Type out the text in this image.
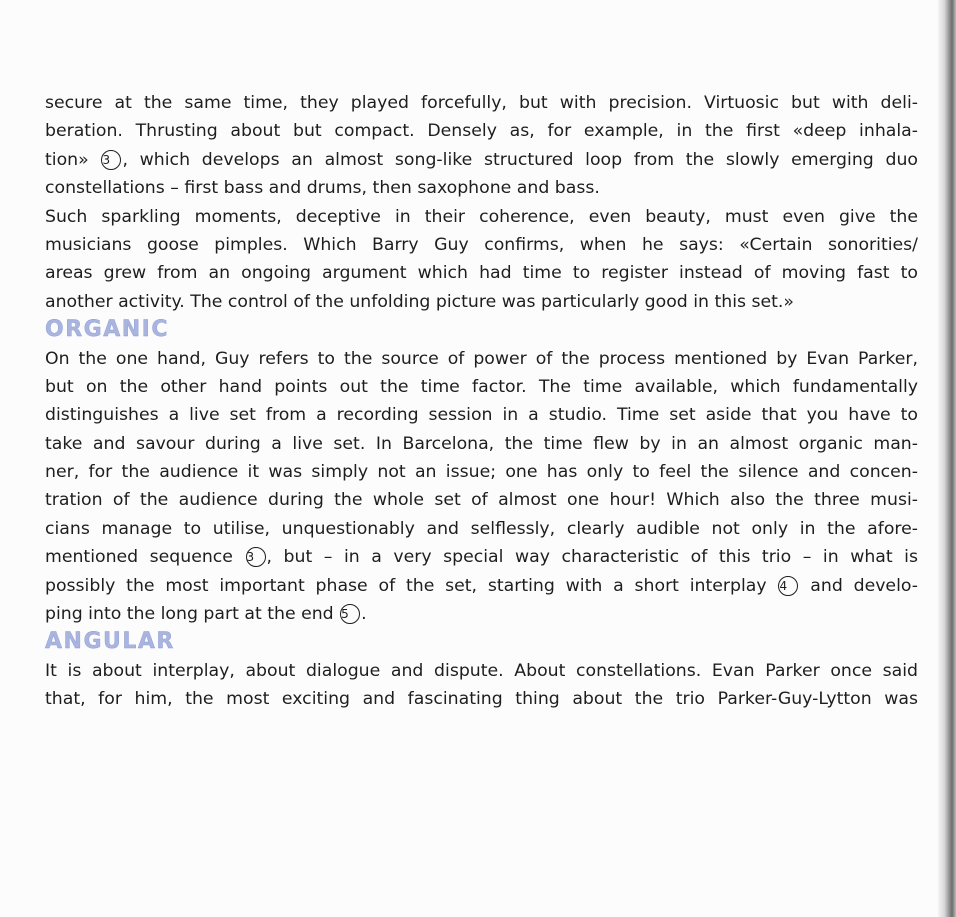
secure at the same time, they played forcefully, but with precision. Virtuosic but with deli-
beration. Thrusting about but compact. Densely as, for example, in the first «deep inhala-
tion» 3 , which develops an almost song-like structured loop from the slowly emerging duo
constellations – first bass and drums, then saxophone and bass.
Such sparkling moments, deceptive in their coherence, even beauty, must even give the
musicians goose pimples. Which Barry Guy confirms, when he says: «Certain sonorities/
areas grew from an ongoing argument which had time to register instead of moving fast to
another activity. The control of the unfolding picture was particularly good in this set.»
ORGANIC
On the one hand, Guy refers to the source of power of the process mentioned by Evan Parker,
but on the other hand points out the time factor. The time available, which fundamentally
distinguishes a live set from a recording session in a studio. Time set aside that you have to
take and savour during a live set. In Barcelona, the time flew by in an almost organic man-
ner, for the audience it was simply not an issue; one has only to feel the silence and concen-
tration of the audience during the whole set of almost one hour! Which also the three musi-
cians manage to utilise, unquestionably and selflessly, clearly audible not only in the afore-
mentioned sequence 3 , but – in a very special way characteristic of this trio – in what is
possibly the most important phase of the set, starting with a short interplay 4 and develo-
ping into the long part at the end 5 .
ANGULAR
It is about interplay, about dialogue and dispute. About constellations. Evan Parker once said
that, for him, the most exciting and fascinating thing about the trio Parker-Guy-Lytton was
